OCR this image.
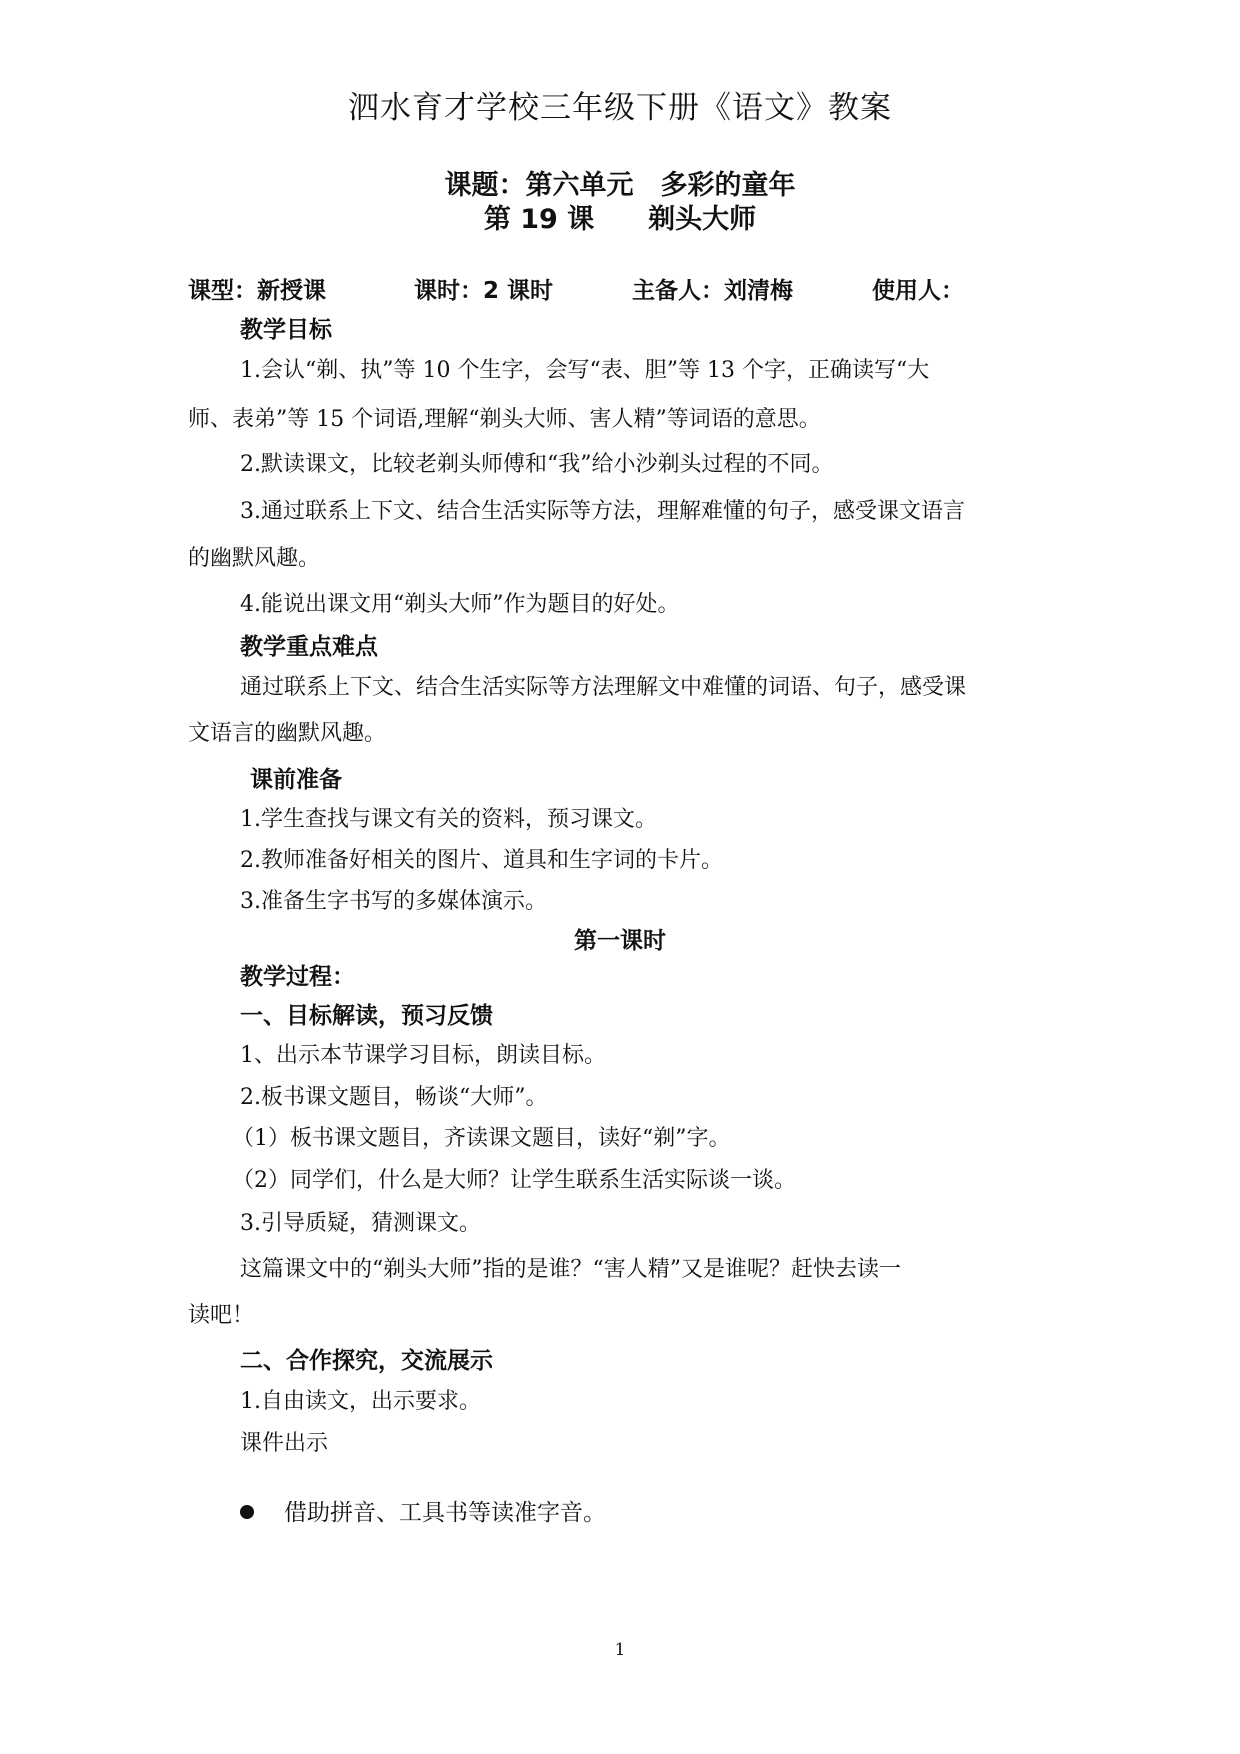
泗水育才学校三年级下册《语文》教案
课题：第六单元　多彩的童年
第 19 课　　剃头大师
课型：新授课	课时：2 课时	主备人：刘清梅	使用人：
教学目标
1.会认“剃、执”等 10 个生字，会写“表、胆”等 13 个字，正确读写“大
师、表弟”等 15 个词语,理解“剃头大师、害人精”等词语的意思。
2.默读课文，比较老剃头师傅和“我”给小沙剃头过程的不同。
3.通过联系上下文、结合生活实际等方法，理解难懂的句子，感受课文语言
的幽默风趣。
4.能说出课文用“剃头大师”作为题目的好处。
教学重点难点
通过联系上下文、结合生活实际等方法理解文中难懂的词语、句子，感受课
文语言的幽默风趣。
课前准备
1.学生查找与课文有关的资料，预习课文。
2.教师准备好相关的图片、道具和生字词的卡片。
3.准备生字书写的多媒体演示。
第一课时
教学过程：
一、目标解读，预习反馈
1、出示本节课学习目标，朗读目标。
2.板书课文题目，畅谈“大师”。
（1）板书课文题目，齐读课文题目，读好“剃”字。
（2）同学们，什么是大师？让学生联系生活实际谈一谈。
3.引导质疑，猜测课文。
这篇课文中的“剃头大师”指的是谁？“害人精”又是谁呢？赶快去读一
读吧！
二、合作探究，交流展示
1.自由读文，出示要求。
课件出示
借助拼音、工具书等读准字音。
1
